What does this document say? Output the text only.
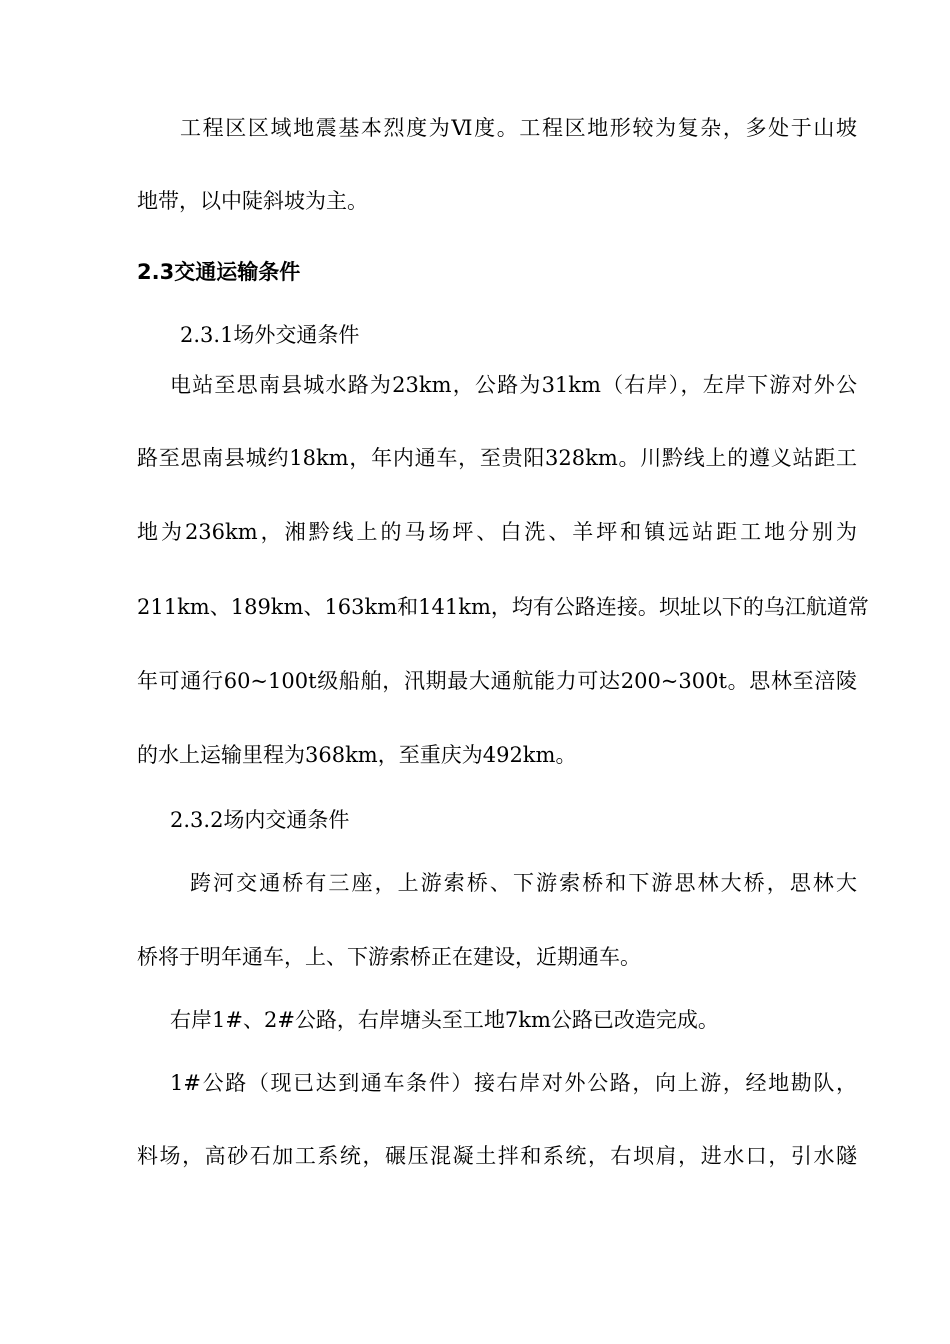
工程区区域地震基本烈度为Ⅵ度。工程区地形较为复杂，多处于山坡
地带，以中陡斜坡为主。
2.3交通运输条件
2.3.1场外交通条件
电站至思南县城水路为23km，公路为31km（右岸），左岸下游对外公
路至思南县城约18km，年内通车，至贵阳328km。川黔线上的遵义站距工
地为236km，湘黔线上的马场坪、白洗、羊坪和镇远站距工地分别为
211km、189km、163km和141km，均有公路连接。坝址以下的乌江航道常
年可通行60~100t级船舶，汛期最大通航能力可达200~300t。思林至涪陵
的水上运输里程为368km，至重庆为492km。
2.3.2场内交通条件
跨河交通桥有三座，上游索桥、下游索桥和下游思林大桥，思林大
桥将于明年通车，上、下游索桥正在建设，近期通车。
右岸1#、2#公路，右岸塘头至工地7km公路已改造完成。
1#公路（现已达到通车条件）接右岸对外公路，向上游，经地勘队，
料场，高砂石加工系统，碾压混凝土拌和系统，右坝肩，进水口，引水隧
